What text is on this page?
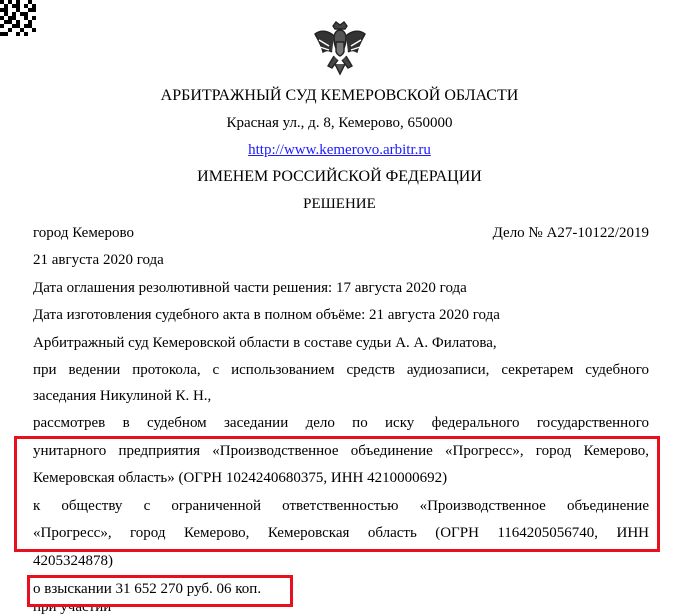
АРБИТРАЖНЫЙ СУД КЕМЕРОВСКОЙ ОБЛАСТИ
Красная ул., д. 8, Кемерово, 650000
http://www.kemerovo.arbitr.ru
ИМЕНЕМ РОССИЙСКОЙ ФЕДЕРАЦИИ
РЕШЕНИЕ
город Кемерово	Дело № А27-10122/2019
21 августа 2020 года
Дата оглашения резолютивной части решения: 17 августа 2020 года
Дата изготовления судебного акта в полном объёме: 21 августа 2020 года
Арбитражный суд Кемеровской области в составе судьи А. А. Филатова,
при ведении протокола, с использованием средств аудиозаписи, секретарем судебного
заседания Никулиной К. Н.,
рассмотрев в судебном заседании дело по иску федерального государственного
унитарного предприятия «Производственное объединение «Прогресс», город Кемерово,
Кемеровская область» (ОГРН 1024240680375, ИНН 4210000692)
к обществу с ограниченной ответственностью «Производственное объединение
«Прогресс», город Кемерово, Кемеровская область (ОГРН 1164205056740, ИНН
4205324878)
о взыскании 31 652 270 руб. 06 коп.
при участии
